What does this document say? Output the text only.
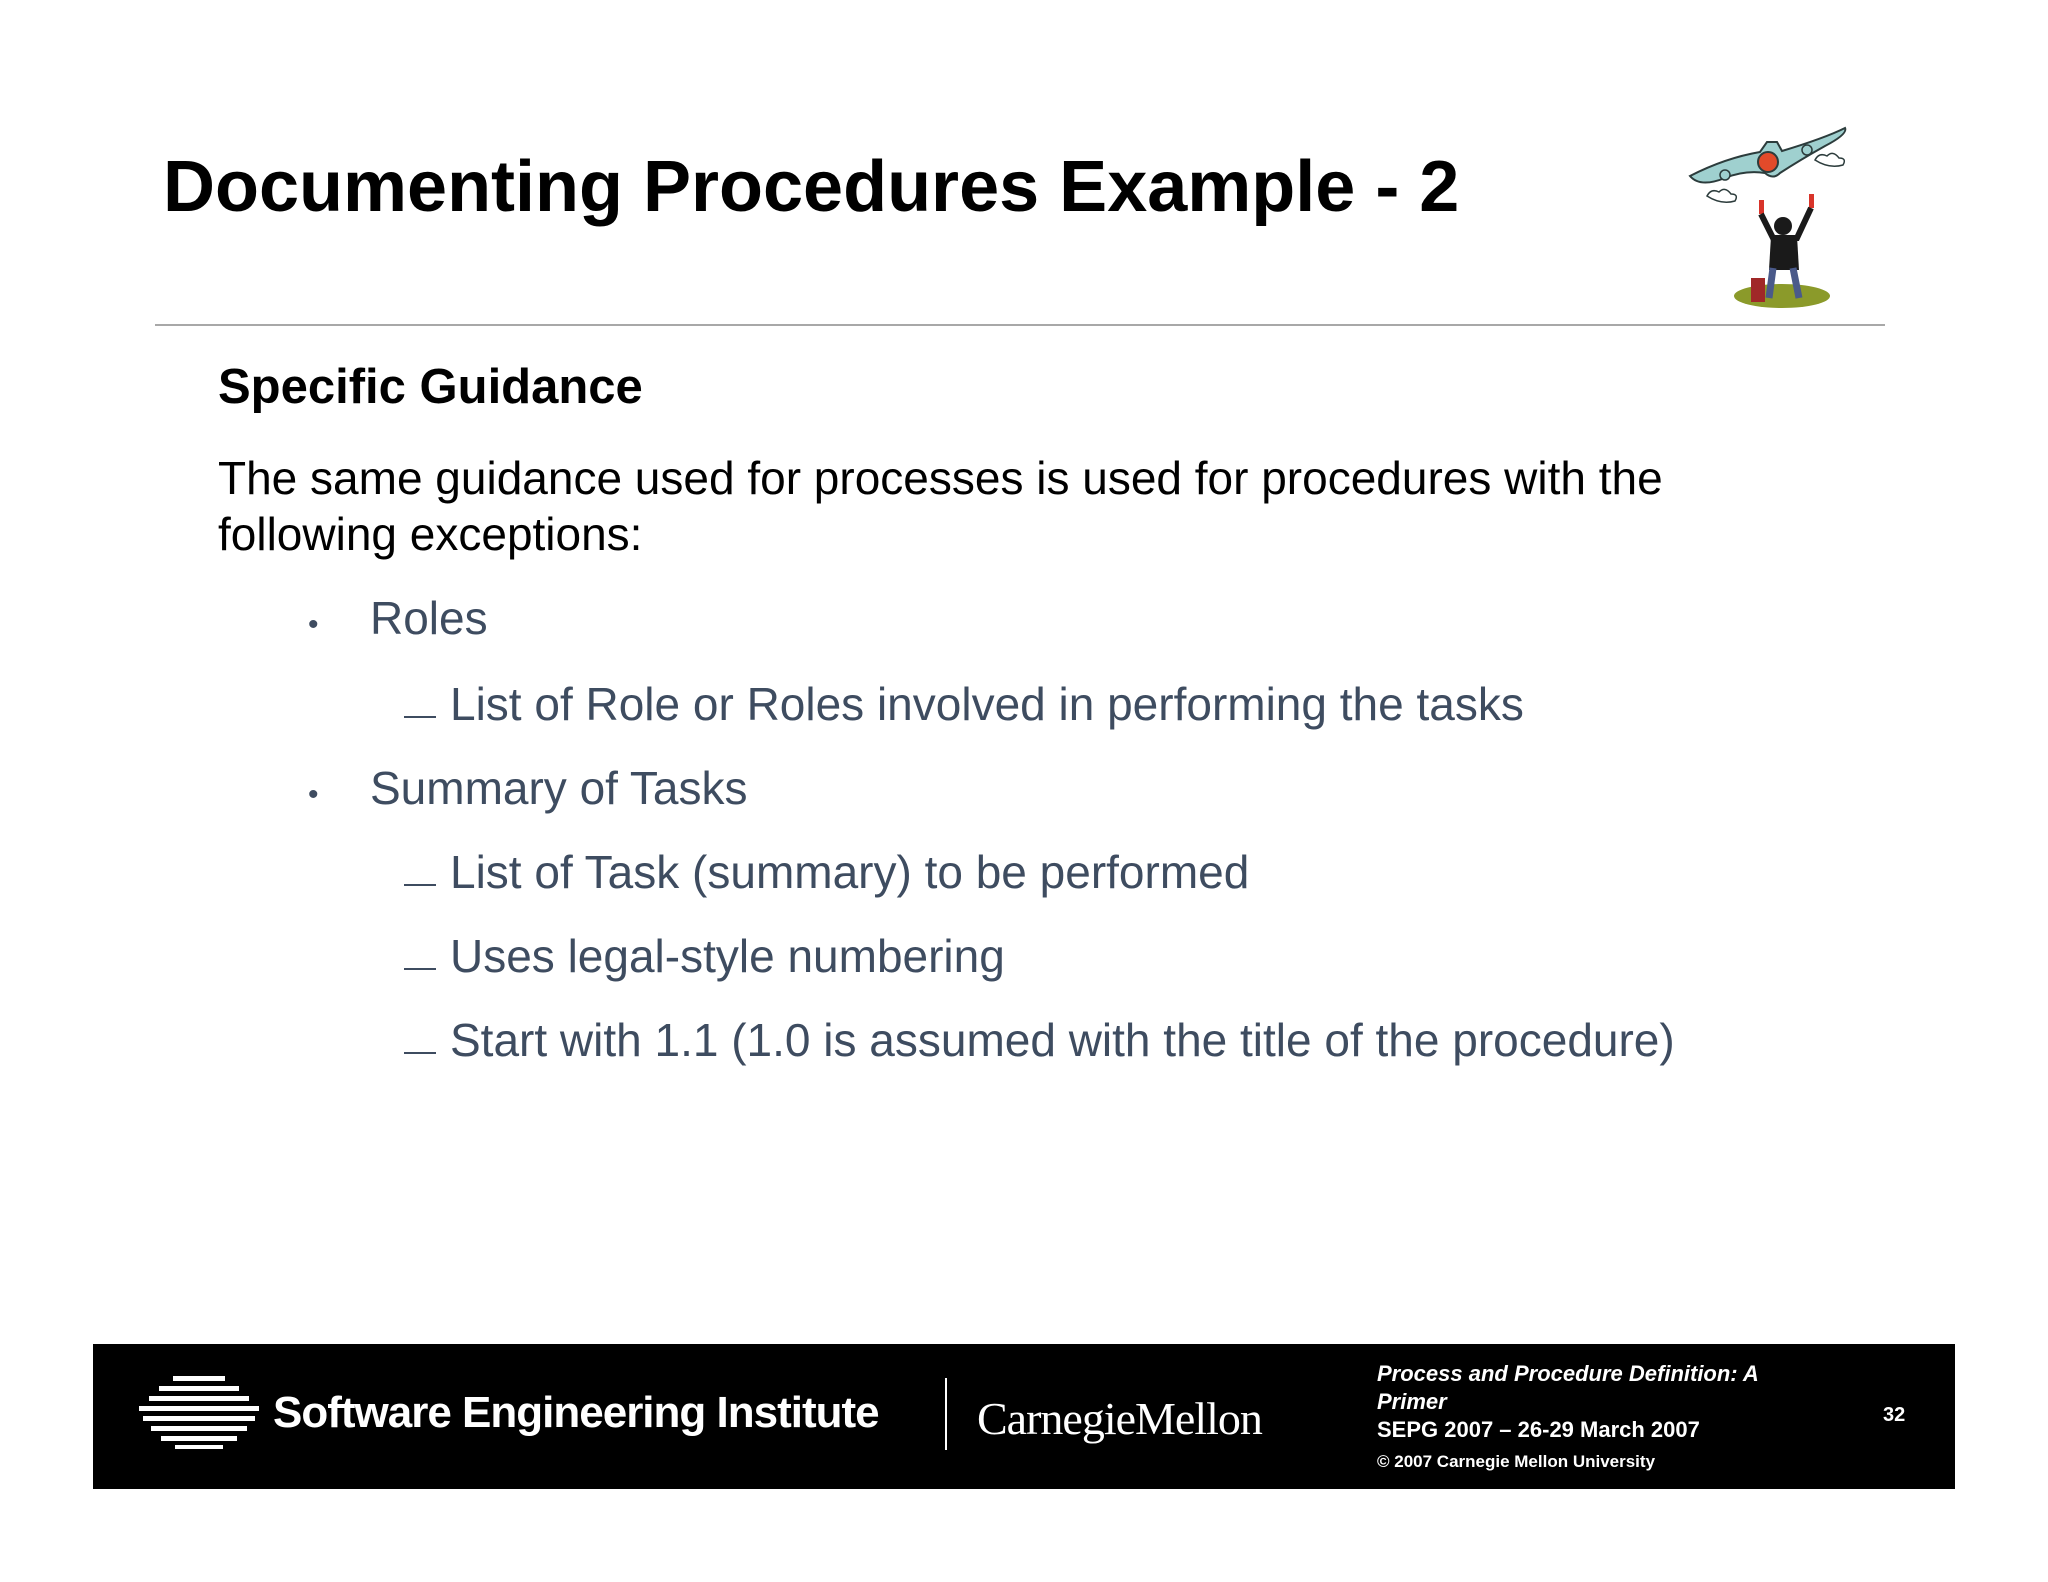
Documenting Procedures Example - 2
Specific Guidance

The same guidance used for processes is used for procedures with the following exceptions:

•	Roles
List of Role or Roles involved in performing the tasks
•	Summary of Tasks
List of Task (summary) to be performed
Uses legal-style numbering
Start with 1.1 (1.0 is assumed with the title of the procedure)
Software Engineering Institute CarnegieMellon
Process and Procedure Definition: A Primer
SEPG 2007 – 26-29 March 2007
© 2007 Carnegie Mellon University
32
